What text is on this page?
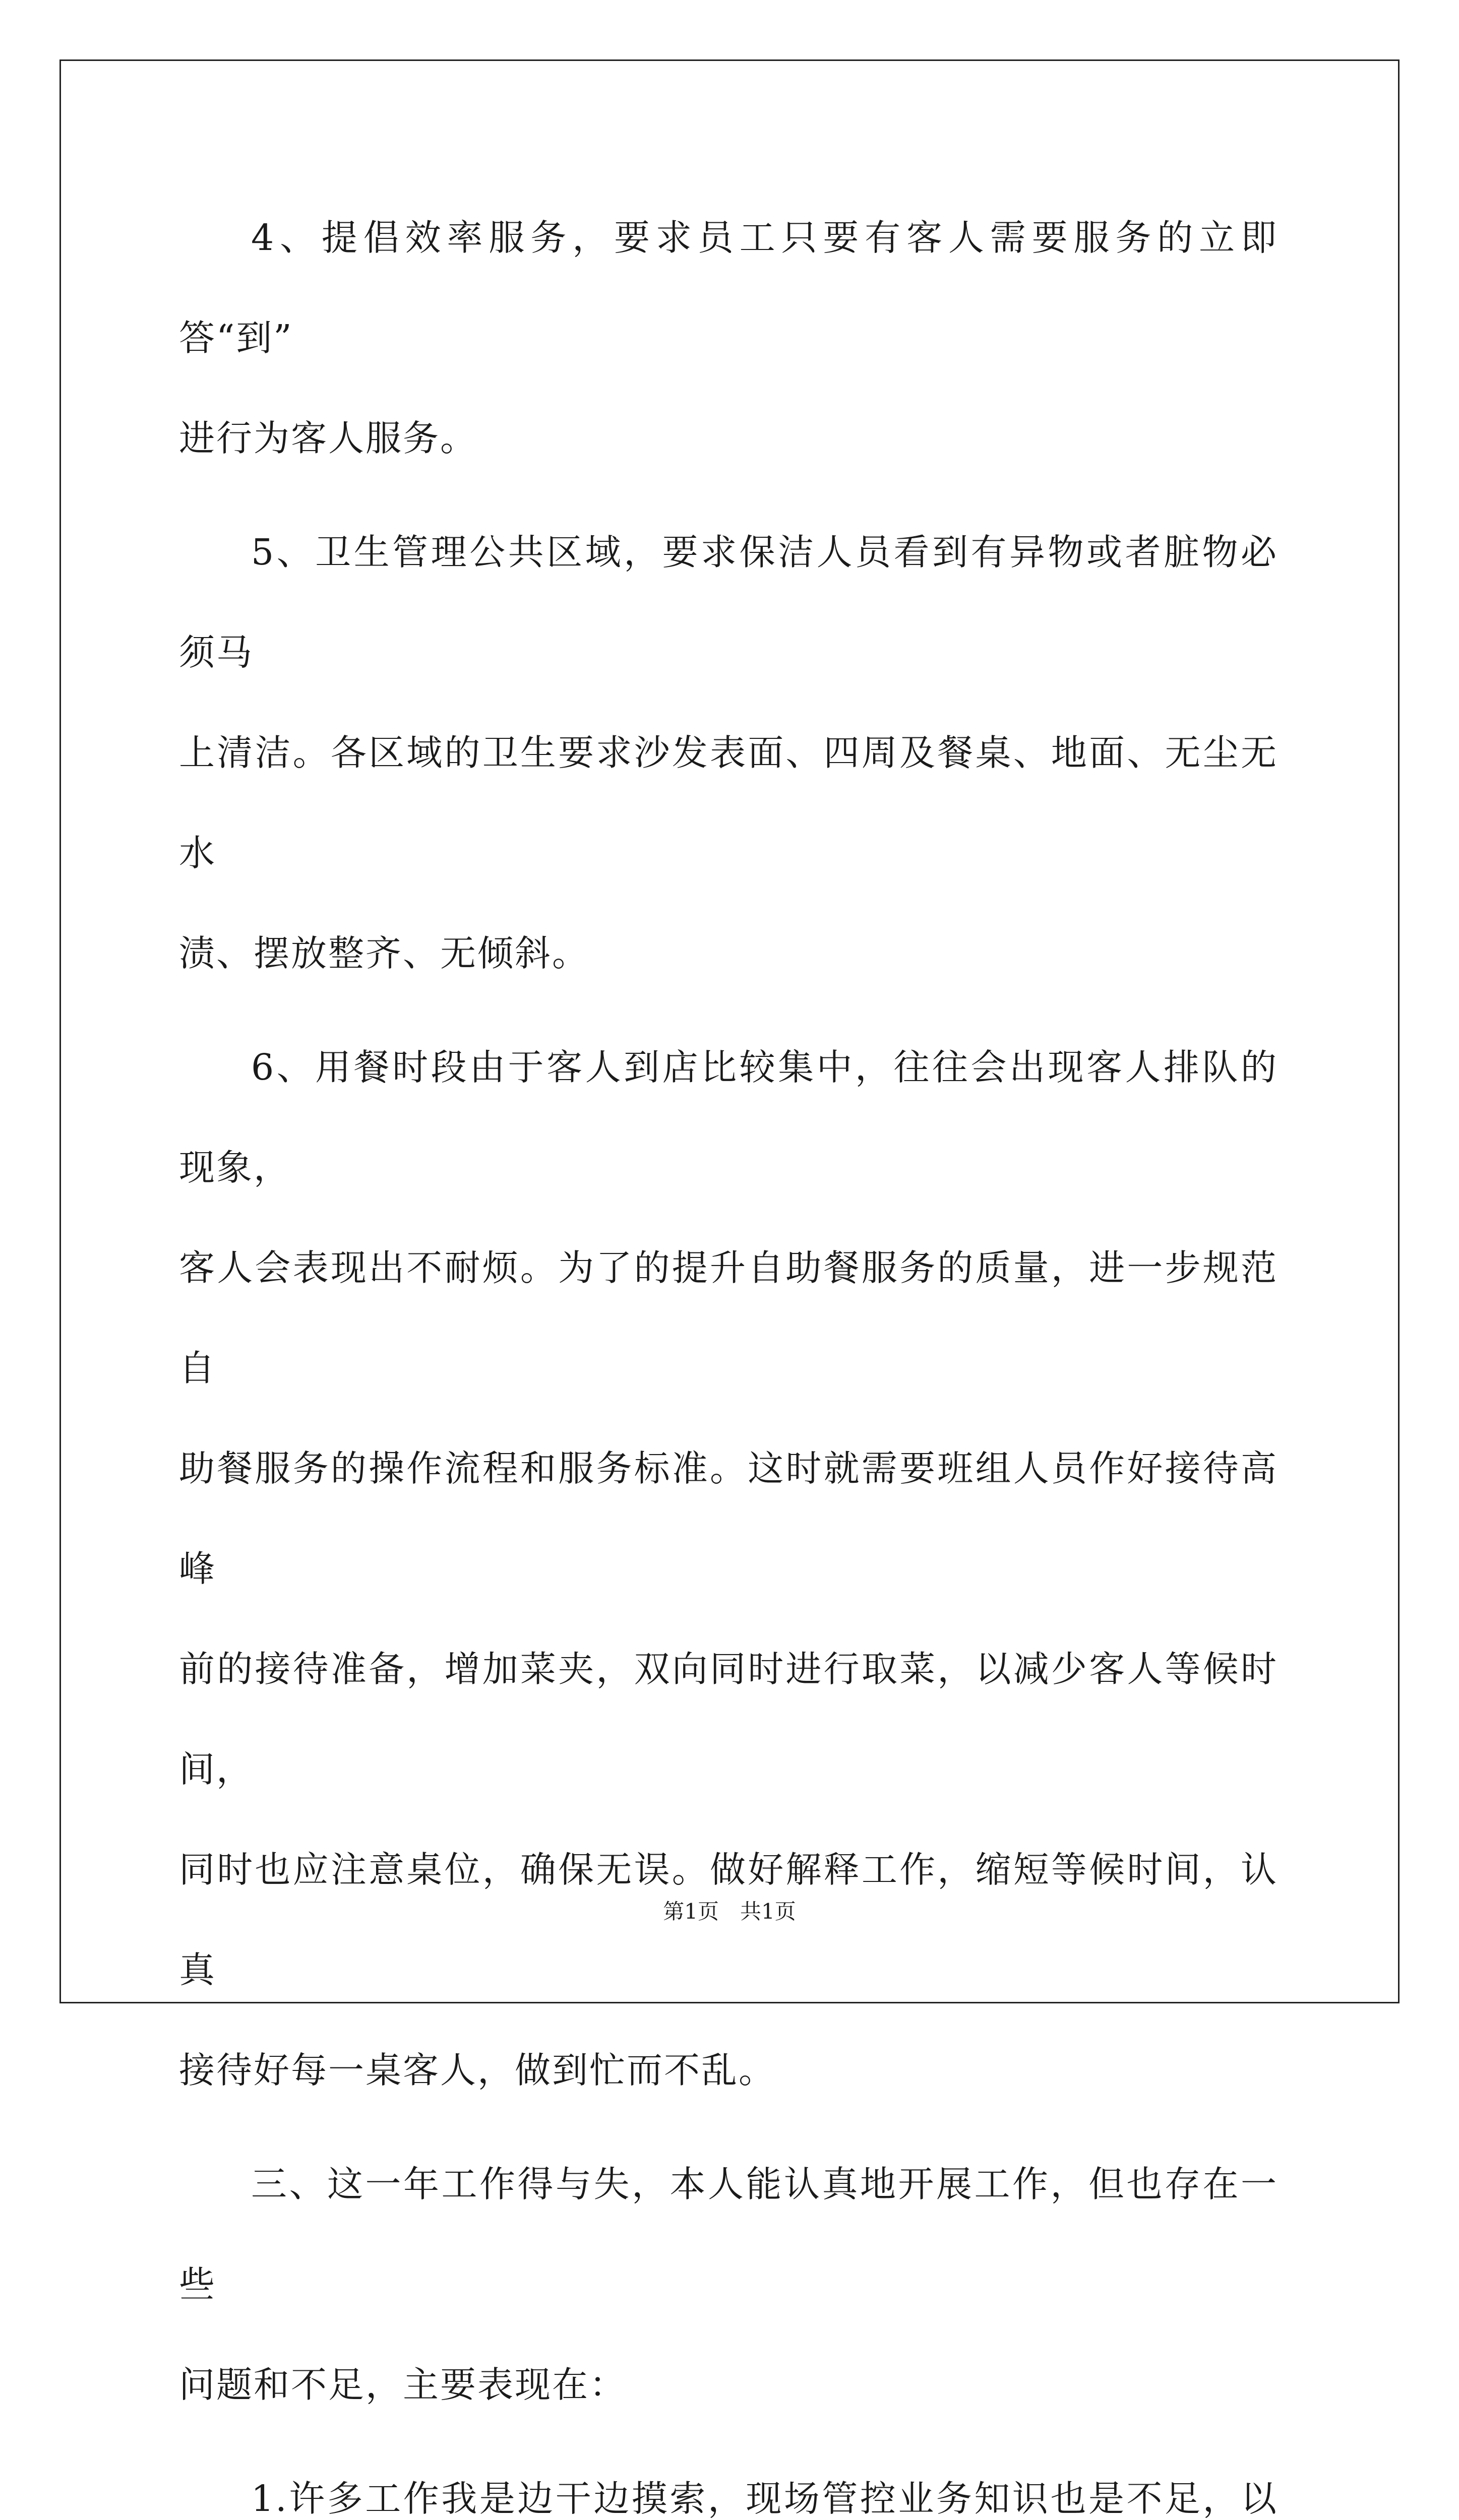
4、提倡效率服务，要求员工只要有客人需要服务的立即答“到”
进行为客人服务。

5、卫生管理公共区域，要求保洁人员看到有异物或者脏物必须马
上清洁。各区域的卫生要求沙发表面、四周及餐桌、地面、无尘无水
渍、摆放整齐、无倾斜。

6、用餐时段由于客人到店比较集中，往往会出现客人排队的现象，
客人会表现出不耐烦。为了的提升自助餐服务的质量，进一步规范自
助餐服务的操作流程和服务标准。这时就需要班组人员作好接待高峰
前的接待准备，增加菜夹，双向同时进行取菜，以减少客人等候时间，
同时也应注意桌位，确保无误。做好解释工作，缩短等候时间，认真
接待好每一桌客人，做到忙而不乱。

三、这一年工作得与失，本人能认真地开展工作，但也存在一些
问题和不足，主要表现在：

1.许多工作我是边干边摸索，现场管控业务知识也是不足，以

第1页　共1页
